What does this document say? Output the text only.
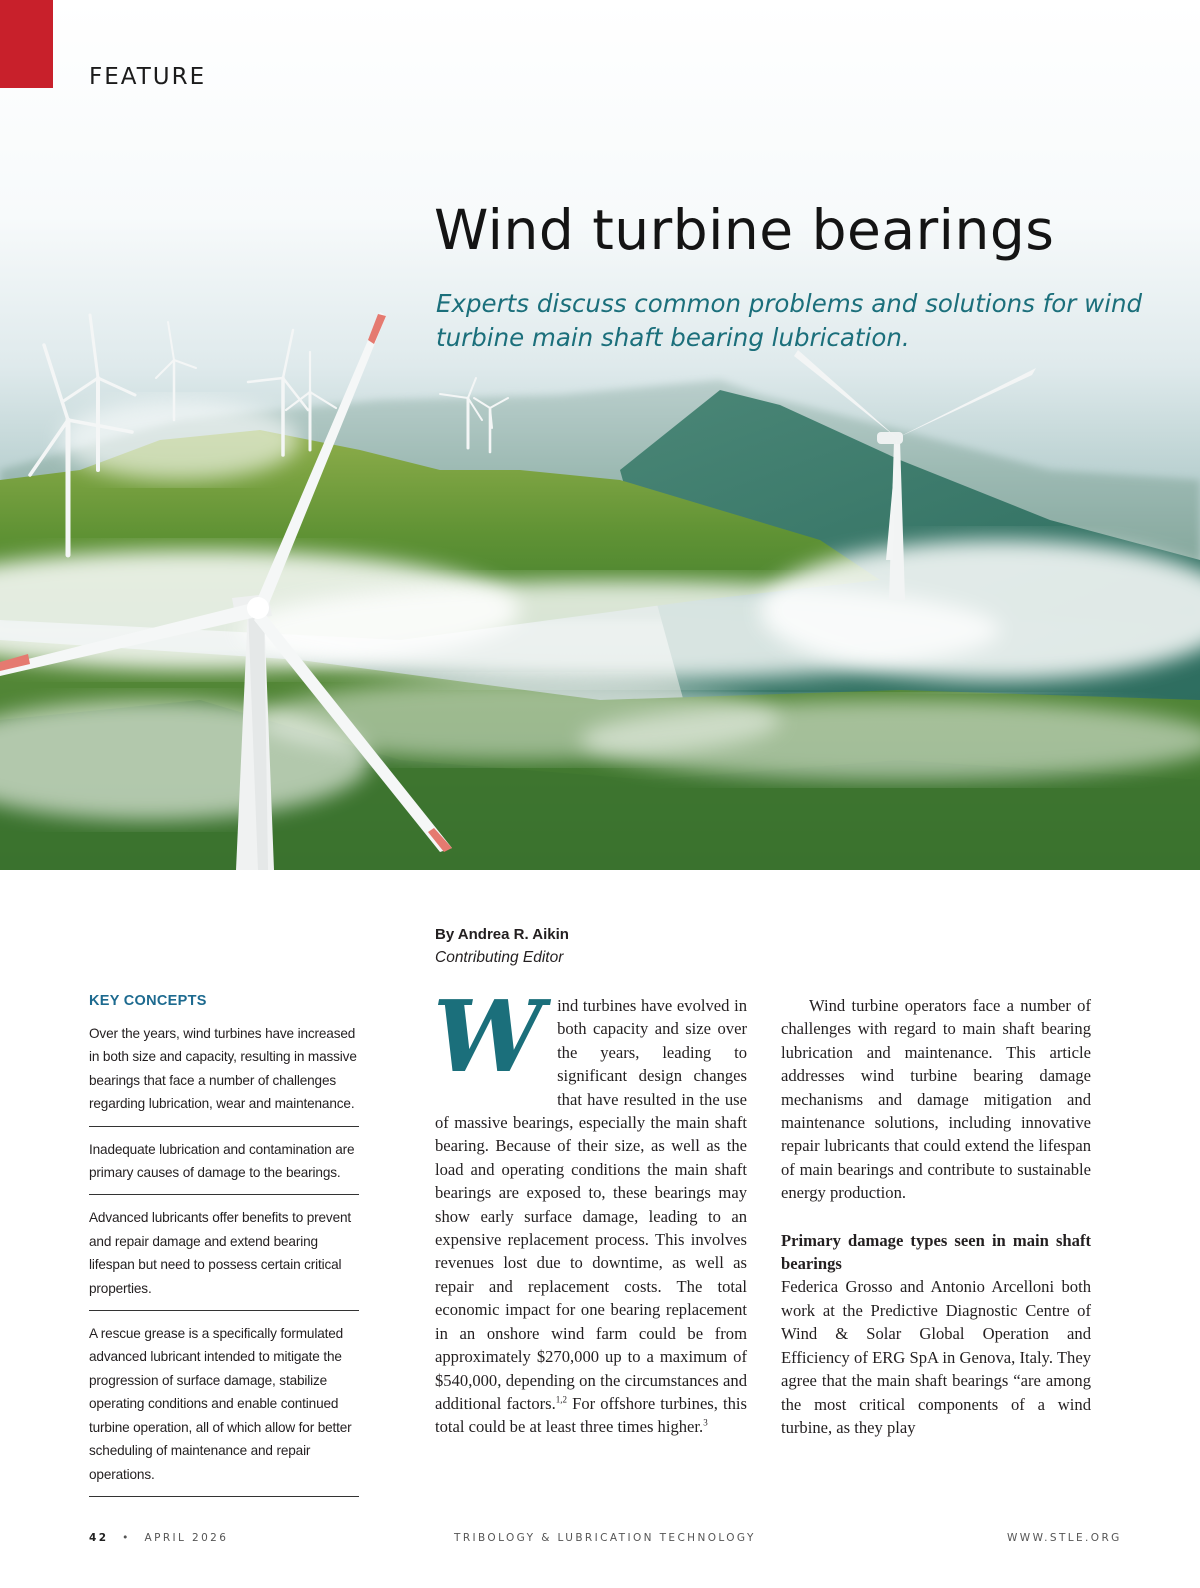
FEATURE
Wind turbine bearings

Experts discuss common problems and solutions for wind turbine main shaft bearing lubrication.

By Andrea R. Aikin
Contributing Editor
KEY CONCEPTS

Over the years, wind turbines have increased in both size and capacity, resulting in massive bearings that face a number of challenges regarding lubrication, wear and maintenance.

Inadequate lubrication and contamination are primary causes of damage to the bearings.

Advanced lubricants offer benefits to prevent and repair damage and extend bearing lifespan but need to possess certain critical properties.

A rescue grease is a specifically formulated advanced lubricant intended to mitigate the progression of surface damage, stabilize operating conditions and enable continued turbine operation, all of which allow for better scheduling of maintenance and repair operations.

Wind turbines have evolved in both capacity and size over the years, leading to significant design changes that have resulted in the use of massive bearings, especially the main shaft bearing. Because of their size, as well as the load and operating conditions the main shaft bearings are exposed to, these bearings may show early surface damage, leading to an expensive replacement process. This involves revenues lost due to downtime, as well as repair and replacement costs. The total economic impact for one bearing replacement in an onshore wind farm could be from approximately $270,000 up to a maximum of $540,000, depending on the circumstances and additional factors.$^{1,2}$ For offshore turbines, this total could be at least three times higher.$^3$

Wind turbine operators face a number of challenges with regard to main shaft bearing lubrication and maintenance. This article addresses wind turbine bearing damage mechanisms and damage mitigation and maintenance solutions, including innovative repair lubricants that could extend the lifespan of main bearings and contribute to sustainable energy production.

Primary damage types seen in main shaft bearings

Federica Grosso and Antonio Arcelloni both work at the Predictive Diagnostic Centre of Wind & Solar Global Operation and Efficiency of ERG SpA in Genova, Italy. They agree that the main shaft bearings “are among the most critical components of a wind turbine, as they play

42 • APRIL 2026	TRIBOLOGY & LUBRICATION TECHNOLOGY	WWW.STLE.ORG
